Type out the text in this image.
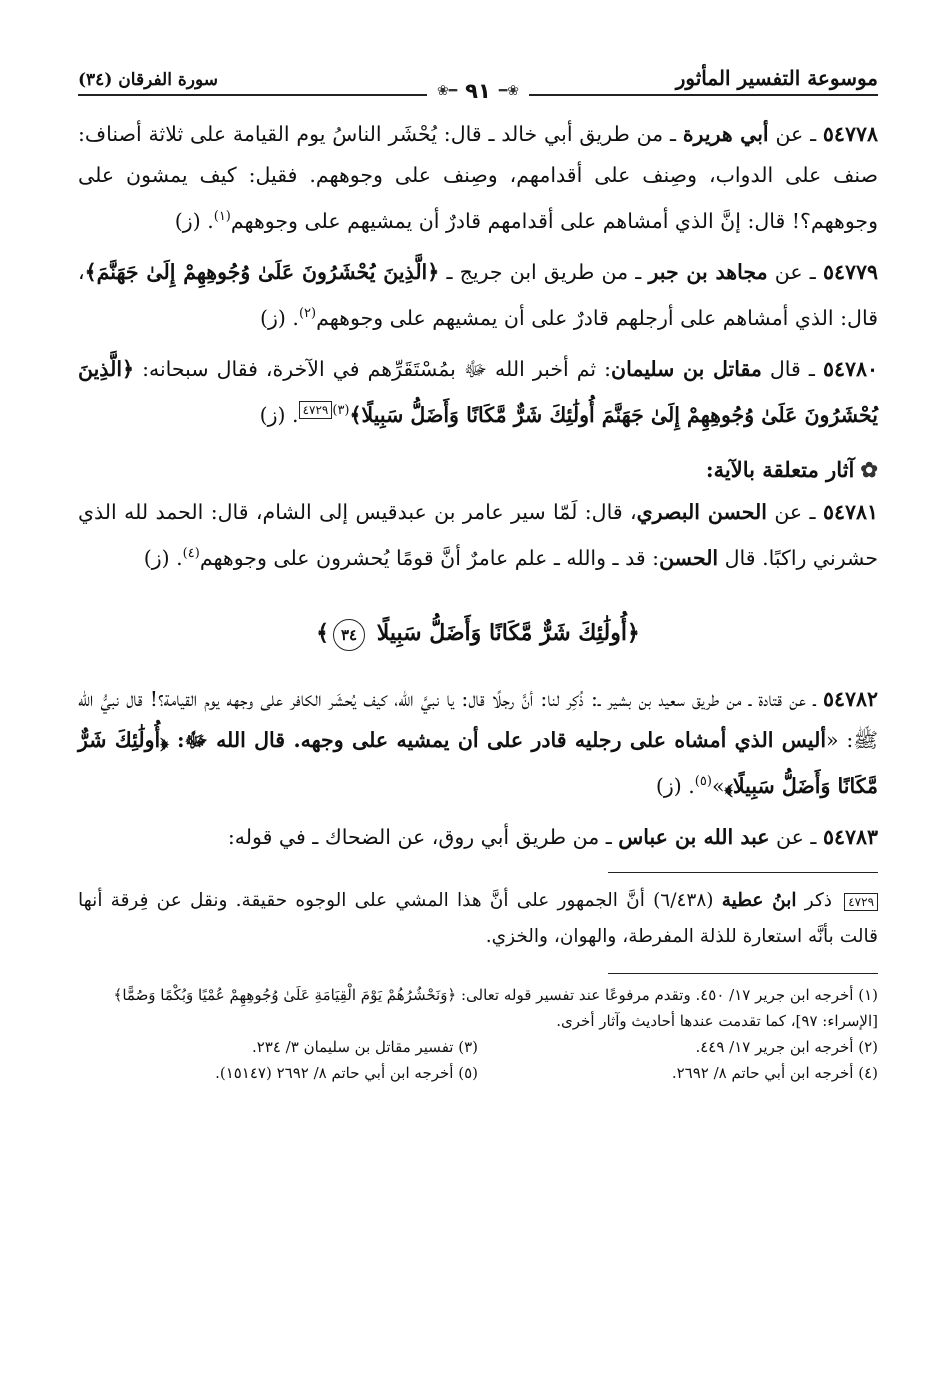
موسوعة التفسير المأثور
سورة الفرقان (٣٤)
❀━
٩١
━❀

٥٤٧٧٨ ـ عن أبي هريرة ـ من طريق أبي خالد ـ قال: يُحْشَر الناسُ يوم القيامة على ثلاثة أصناف: صنف على الدواب، وصِنف على أقدامهم، وصِنف على وجوههم. فقيل: كيف يمشون على وجوههم؟! قال: إنَّ الذي أمشاهم على أقدامهم قادرٌ أن يمشيهم على وجوههم$^{(١)}$. (ز)

٥٤٧٧٩ ـ عن مجاهد بن جبر ـ من طريق ابن جريج ـ ﴿الَّذِينَ يُحْشَرُونَ عَلَىٰ وُجُوهِهِمْ إِلَىٰ جَهَنَّمَ﴾، قال: الذي أمشاهم على أرجلهم قادرٌ على أن يمشيهم على وجوههم$^{(٢)}$. (ز)

٥٤٧٨٠ ـ قال مقاتل بن سليمان: ثم أخبر الله ﷻ بمُسْتَقَرِّهم في الآخرة، فقال سبحانه: ﴿الَّذِينَ يُحْشَرُونَ عَلَىٰ وُجُوهِهِمْ إِلَىٰ جَهَنَّمَ أُولَٰئِكَ شَرٌّ مَّكَانًا وَأَضَلُّ سَبِيلًا﴾$^{(٣)}$٤٧٢٩. (ز)

✿آثار متعلقة بالآية:

٥٤٧٨١ ـ عن الحسن البصري، قال: لَمّا سير عامر بن عبدقيس إلى الشام، قال: الحمد لله الذي حشرني راكبًا. قال الحسن: قد ـ والله ـ علم عامرٌ أنَّ قومًا يُحشرون على وجوههم$^{(٤)}$. (ز)

﴿أُولَٰئِكَ شَرٌّ مَّكَانًا وَأَضَلُّ سَبِيلًا ٣٤﴾

٥٤٧٨٢ ـ عن قتادة ـ من طريق سعيد بن بشير ـ: ذُكِر لنا: أنَّ رجلًا قال: يا نبيَّ الله، كيف يُحشَر الكافر على وجهه يوم القيامة؟! قال نبيُّ الله ﷺ: «أليس الذي أمشاه على رجليه قادر على أن يمشيه على وجهه. قال الله ﷻ: ﴿أُولَٰئِكَ شَرٌّ مَّكَانًا وَأَضَلُّ سَبِيلًا﴾»$^{(٥)}$. (ز)

٥٤٧٨٣ ـ عن عبد الله بن عباس ـ من طريق أبي روق، عن الضحاك ـ في قوله:

٤٧٢٩ ذكر ابنُ عطية (٦/٤٣٨) أنَّ الجمهور على أنَّ هذا المشي على الوجوه حقيقة. ونقل عن فِرقة أنها قالت بأنَّه استعارة للذلة المفرطة، والهوان، والخزي.

(١) أخرجه ابن جرير ١٧/ ٤٥٠. وتقدم مرفوعًا عند تفسير قوله تعالى: ﴿وَنَحْشُرُهُمْ يَوْمَ الْقِيَامَةِ عَلَىٰ وُجُوهِهِمْ عُمْيًا وَبُكْمًا وَصُمًّا﴾ [الإسراء: ٩٧]، كما تقدمت عندها أحاديث وآثار أخرى.
(٢) أخرجه ابن جرير ١٧/ ٤٤٩.
(٣) تفسير مقاتل بن سليمان ٣/ ٢٣٤.
(٤) أخرجه ابن أبي حاتم ٨/ ٢٦٩٢.
(٥) أخرجه ابن أبي حاتم ٨/ ٢٦٩٢ (١٥١٤٧).
